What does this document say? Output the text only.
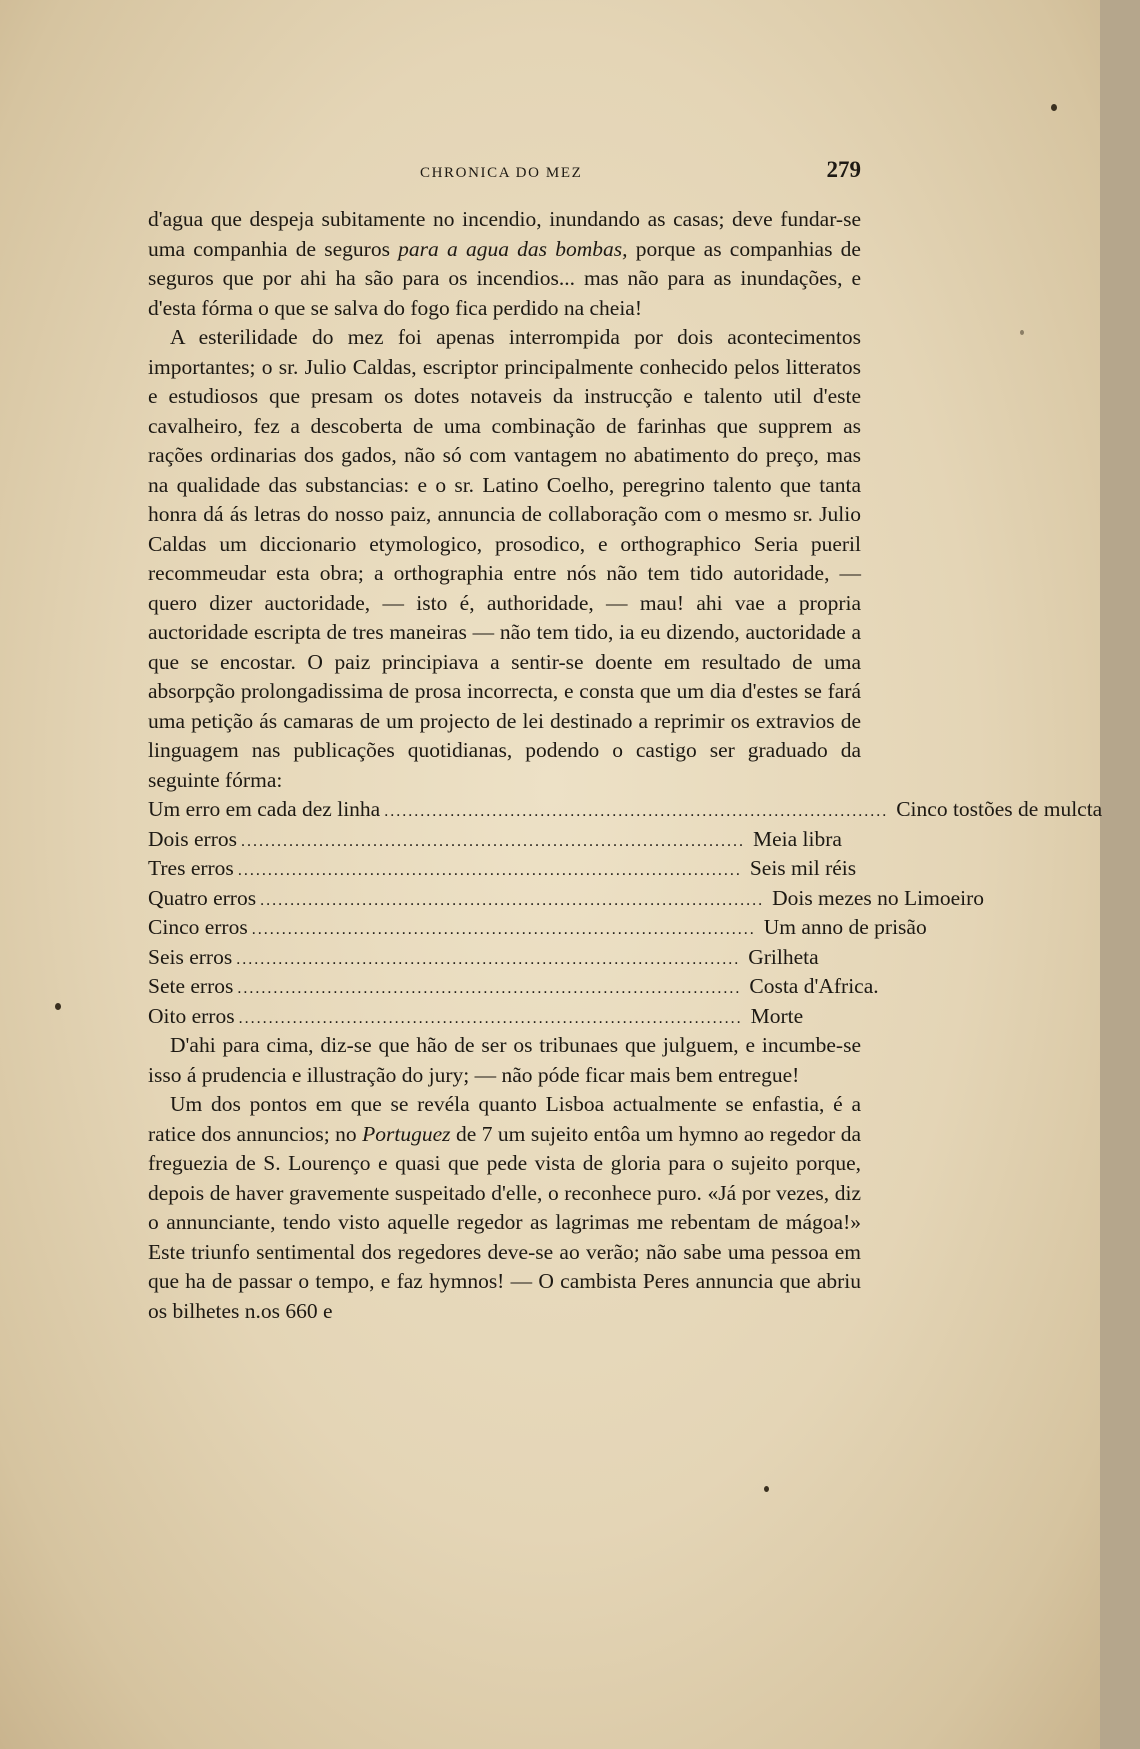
CHRONICA DO MEZ	279

d'agua que despeja subitamente no incendio, inundando as casas; deve fundar-se uma companhia de seguros para a agua das bombas, porque as companhias de seguros que por ahi ha são para os incendios... mas não para as inundações, e d'esta fórma o que se salva do fogo fica perdido na cheia!

A esterilidade do mez foi apenas interrompida por dois acontecimentos importantes; o sr. Julio Caldas, escriptor principalmente conhecido pelos litteratos e estudiosos que presam os dotes notaveis da instrucção e talento util d'este cavalheiro, fez a descoberta de uma combinação de farinhas que supprem as rações ordinarias dos gados, não só com vantagem no abatimento do preço, mas na qualidade das substancias: e o sr. Latino Coelho, peregrino talento que tanta honra dá ás letras do nosso paiz, annuncia de collaboração com o mesmo sr. Julio Caldas um diccionario etymologico, prosodico, e orthographico Seria pueril recommeudar esta obra; a orthographia entre nós não tem tido autoridade, — quero dizer auctoridade, — isto é, authoridade, — mau! ahi vae a propria auctoridade escripta de tres maneiras — não tem tido, ia eu dizendo, auctoridade a que se encostar. O paiz principiava a sentir-se doente em resultado de uma absorpção prolongadissima de prosa incorrecta, e consta que um dia d'estes se fará uma petição ás camaras de um projecto de lei destinado a reprimir os extravios de linguagem nas publicações quotidianas, podendo o castigo ser graduado da seguinte fórma:

Um erro em cada dez linha .................................................................................... Cinco tostões de mulcta
Dois erros .................................................................................... Meia libra
Tres erros .................................................................................... Seis mil réis
Quatro erros .................................................................................... Dois mezes no Limoeiro
Cinco erros .................................................................................... Um anno de prisão
Seis erros .................................................................................... Grilheta
Sete erros .................................................................................... Costa d'Africa.
Oito erros .................................................................................... Morte

D'ahi para cima, diz-se que hão de ser os tribunaes que julguem, e incumbe-se isso á prudencia e illustração do jury; — não póde ficar mais bem entregue!

Um dos pontos em que se revéla quanto Lisboa actualmente se enfastia, é a ratice dos annuncios; no Portuguez de 7 um sujeito entôa um hymno ao regedor da freguezia de S. Lourenço e quasi que pede vista de gloria para o sujeito porque, depois de haver gravemente suspeitado d'elle, o reconhece puro. «Já por vezes, diz o annunciante, tendo visto aquelle regedor as lagrimas me rebentam de mágoa!» Este triunfo sentimental dos regedores deve-se ao verão; não sabe uma pessoa em que ha de passar o tempo, e faz hymnos! — O cambista Peres annuncia que abriu os bilhetes n.os 660 e
